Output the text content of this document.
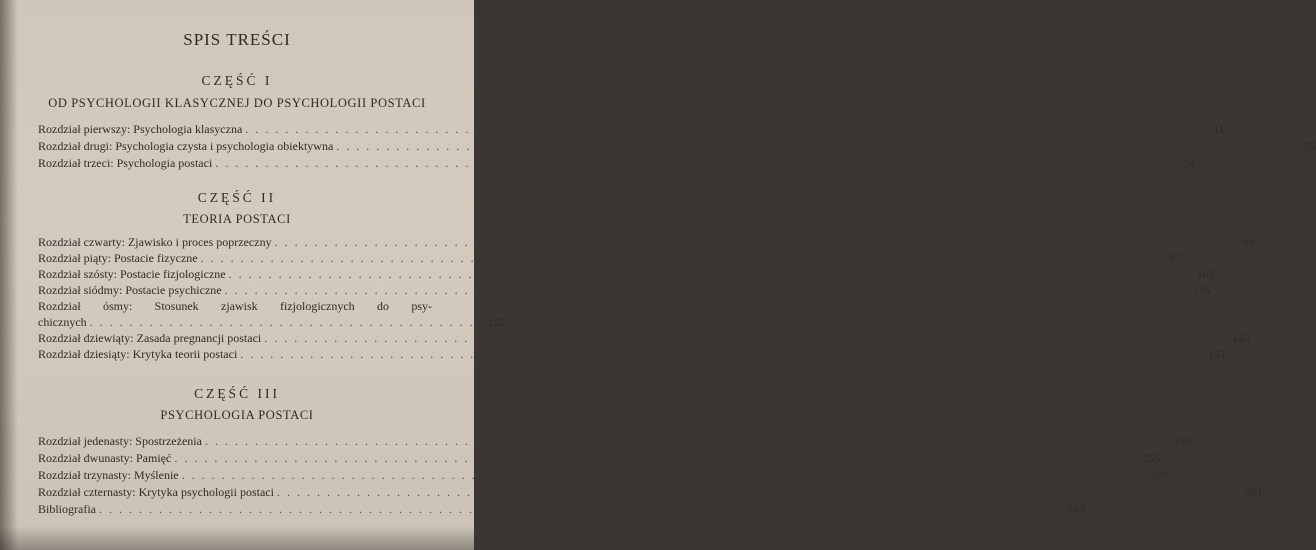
SPIS TREŚCI
CZĘŚĆ I
OD PSYCHOLOGII KLASYCZNEJ DO PSYCHOLOGII POSTACI
Rozdział pierwszy: Psychologia klasyczna . . .	11
Rozdział drugi: Psychologia czysta i psychologia obiektywna . . .	55
Rozdział trzeci: Psychologia postaci . . .	74
CZĘŚĆ II
TEORIA POSTACI
Rozdział czwarty: Zjawisko i proces poprzeczny . . .	88
Rozdział piąty: Postacie fizyczne . . .	97
Rozdział szósty: Postacie fizjologiczne . . .	105
Rozdział siódmy: Postacie psychiczne . . .	116
Rozdział ósmy: Stosunek zjawisk fizjologicznych do psy-
chicznych . . . . . . . . . . . . . . . . . . . . . . . . . . . . . . . . . . . . . . . . 122
Rozdział dziewiąty: Zasada pregnancji postaci . . .	143
Rozdział dziesiąty: Krytyka teorii postaci . . .	151
CZĘŚĆ III
PSYCHOLOGIA POSTACI
Rozdział jedenasty: Spostrzeżenia . . .	199
Rozdział dwunasty: Pamięć . . .	255
Rozdział trzynasty: Myślenie . . .	289
Rozdział czternasty: Krytyka psychologii postaci . . .	361
Bibliografia . . .	383
